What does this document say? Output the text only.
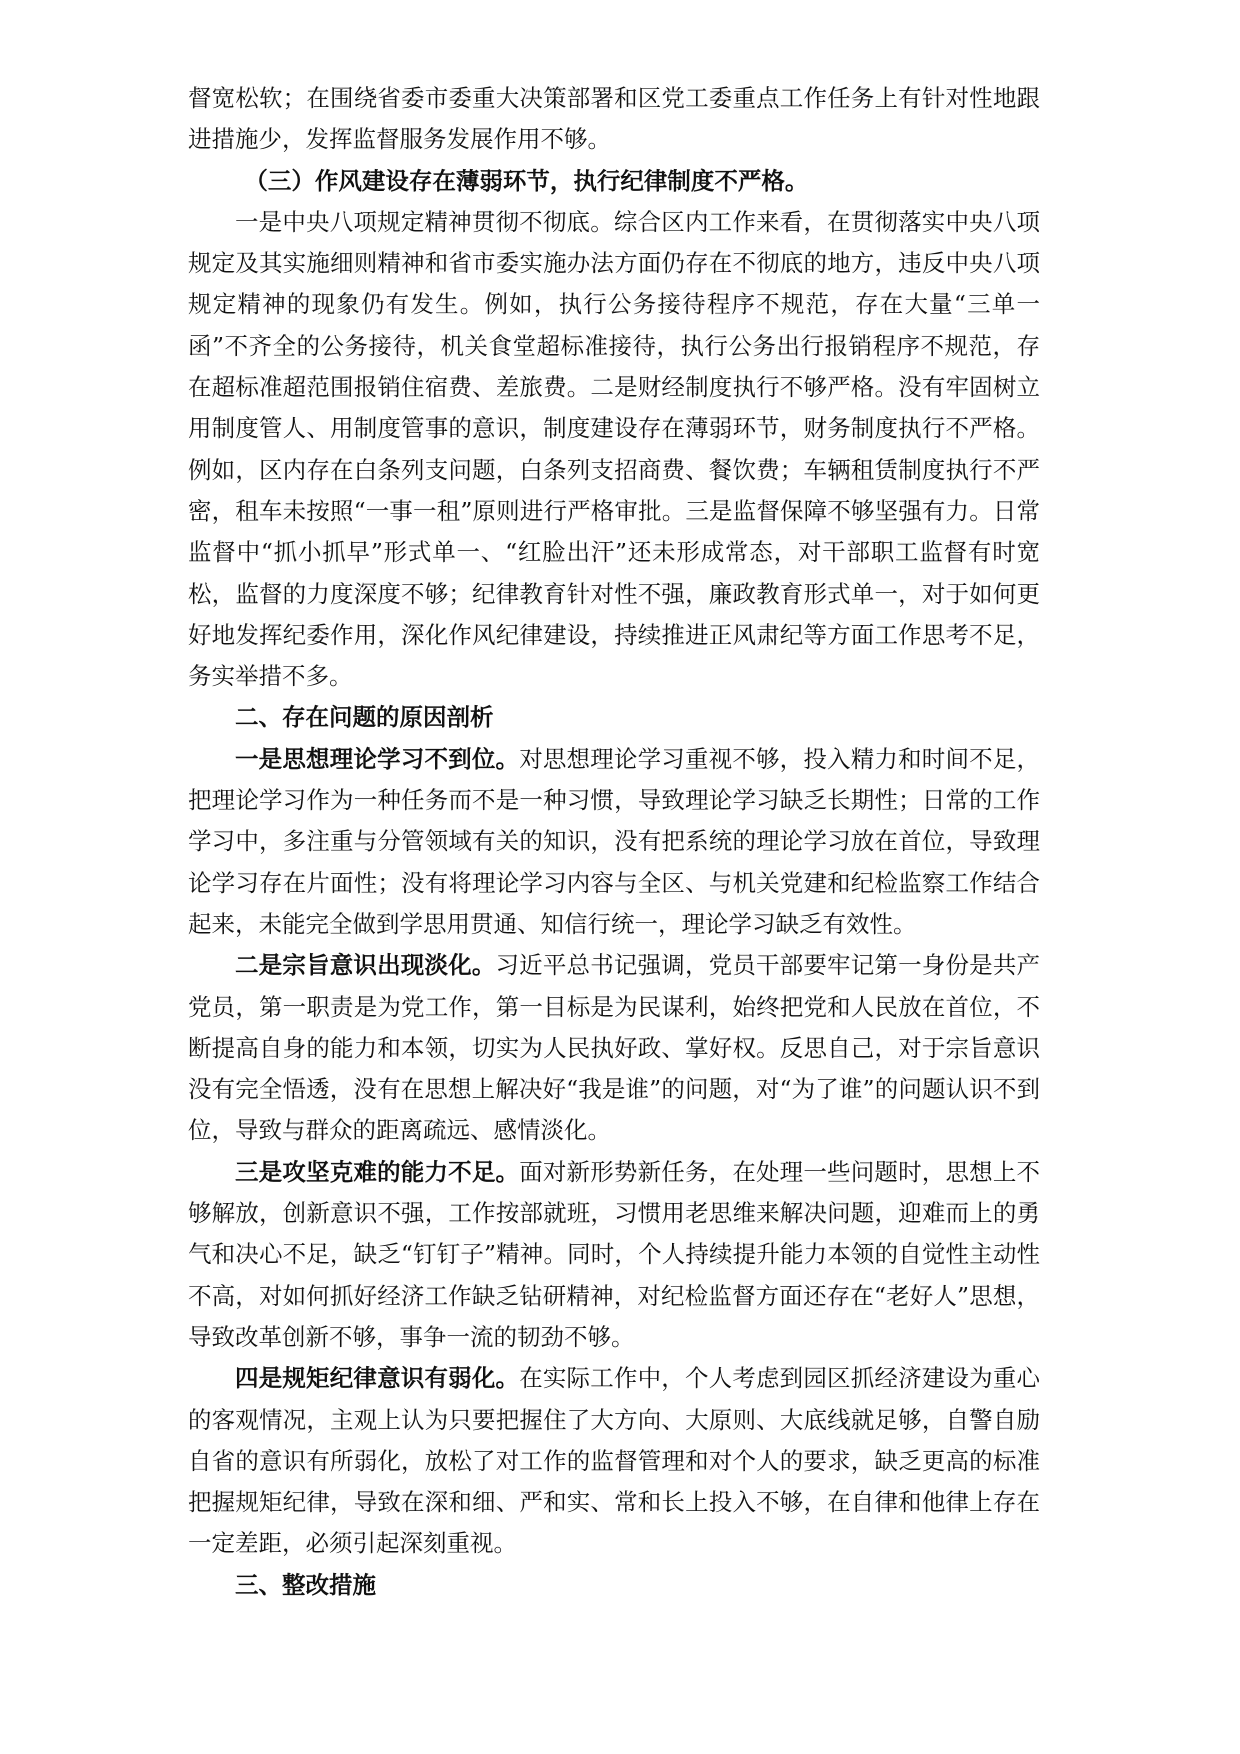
督宽松软；在围绕省委市委重大决策部署和区党工委重点工作任务上有针对性地跟进措施少，发挥监督服务发展作用不够。

（三）作风建设存在薄弱环节，执行纪律制度不严格。

一是中央八项规定精神贯彻不彻底。综合区内工作来看，在贯彻落实中央八项规定及其实施细则精神和省市委实施办法方面仍存在不彻底的地方，违反中央八项规定精神的现象仍有发生。例如，执行公务接待程序不规范，存在大量“三单一函”不齐全的公务接待，机关食堂超标准接待，执行公务出行报销程序不规范，存在超标准超范围报销住宿费、差旅费。二是财经制度执行不够严格。没有牢固树立用制度管人、用制度管事的意识，制度建设存在薄弱环节，财务制度执行不严格。例如，区内存在白条列支问题，白条列支招商费、餐饮费；车辆租赁制度执行不严密，租车未按照“一事一租”原则进行严格审批。三是监督保障不够坚强有力。日常监督中“抓小抓早”形式单一、“红脸出汗”还未形成常态，对干部职工监督有时宽松，监督的力度深度不够；纪律教育针对性不强，廉政教育形式单一，对于如何更好地发挥纪委作用，深化作风纪律建设，持续推进正风肃纪等方面工作思考不足，务实举措不多。

二、存在问题的原因剖析

一是思想理论学习不到位。对思想理论学习重视不够，投入精力和时间不足，把理论学习作为一种任务而不是一种习惯，导致理论学习缺乏长期性；日常的工作学习中，多注重与分管领域有关的知识，没有把系统的理论学习放在首位，导致理论学习存在片面性；没有将理论学习内容与全区、与机关党建和纪检监察工作结合起来，未能完全做到学思用贯通、知信行统一，理论学习缺乏有效性。

二是宗旨意识出现淡化。习近平总书记强调，党员干部要牢记第一身份是共产党员，第一职责是为党工作，第一目标是为民谋利，始终把党和人民放在首位，不断提高自身的能力和本领，切实为人民执好政、掌好权。反思自己，对于宗旨意识没有完全悟透，没有在思想上解决好“我是谁”的问题，对“为了谁”的问题认识不到位，导致与群众的距离疏远、感情淡化。

三是攻坚克难的能力不足。面对新形势新任务，在处理一些问题时，思想上不够解放，创新意识不强，工作按部就班，习惯用老思维来解决问题，迎难而上的勇气和决心不足，缺乏“钉钉子”精神。同时，个人持续提升能力本领的自觉性主动性不高，对如何抓好经济工作缺乏钻研精神，对纪检监督方面还存在“老好人”思想，导致改革创新不够，事争一流的韧劲不够。

四是规矩纪律意识有弱化。在实际工作中，个人考虑到园区抓经济建设为重心的客观情况，主观上认为只要把握住了大方向、大原则、大底线就足够，自警自励自省的意识有所弱化，放松了对工作的监督管理和对个人的要求，缺乏更高的标准把握规矩纪律，导致在深和细、严和实、常和长上投入不够，在自律和他律上存在一定差距，必须引起深刻重视。

三、整改措施
